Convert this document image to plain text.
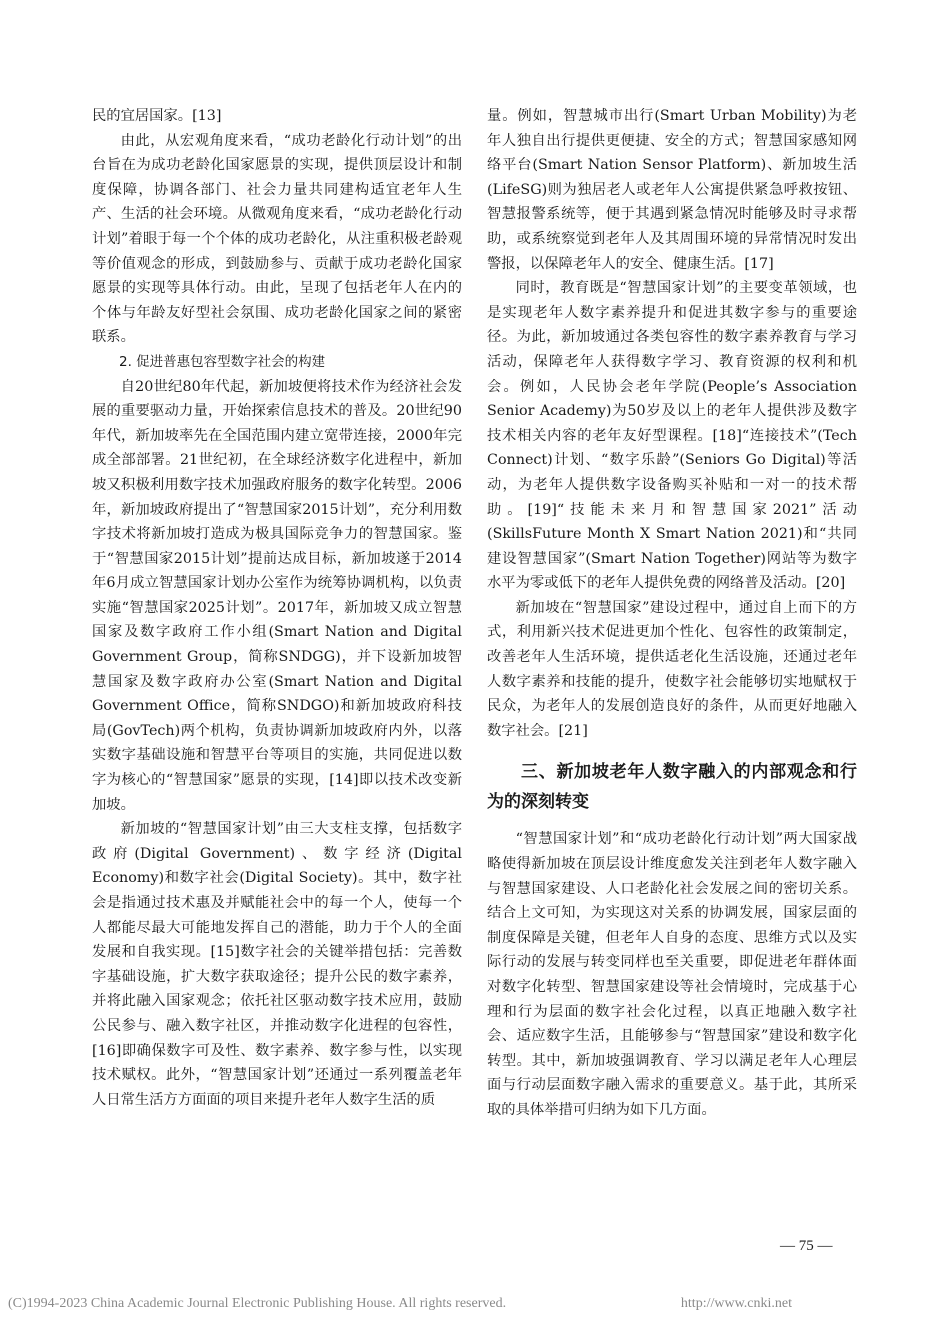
民的宜居国家。[13]

由此，从宏观角度来看，“成功老龄化行动计划”的出台旨在为成功老龄化国家愿景的实现，提供顶层设计和制度保障，协调各部门、社会力量共同建构适宜老年人生产、生活的社会环境。从微观角度来看，“成功老龄化行动计划”着眼于每一个个体的成功老龄化，从注重积极老龄观等价值观念的形成，到鼓励参与、贡献于成功老龄化国家愿景的实现等具体行动。由此，呈现了包括老年人在内的个体与年龄友好型社会氛围、成功老龄化国家之间的紧密联系。

2. 促进普惠包容型数字社会的构建

自20世纪80年代起，新加坡便将技术作为经济社会发展的重要驱动力量，开始探索信息技术的普及。20世纪90年代，新加坡率先在全国范围内建立宽带连接，2000年完成全部部署。21世纪初，在全球经济数字化进程中，新加坡又积极利用数字技术加强政府服务的数字化转型。2006年，新加坡政府提出了“智慧国家2015计划”，充分利用数字技术将新加坡打造成为极具国际竞争力的智慧国家。鉴于“智慧国家2015计划”提前达成目标，新加坡遂于2014年6月成立智慧国家计划办公室作为统筹协调机构，以负责实施“智慧国家2025计划”。2017年，新加坡又成立智慧国家及数字政府工作小组(Smart Nation and Digital Government Group，简称SNDGG)，并下设新加坡智慧国家及数字政府办公室(Smart Nation and Digital Government Office，简称SNDGO)和新加坡政府科技局(GovTech)两个机构，负责协调新加坡政府内外，以落实数字基础设施和智慧平台等项目的实施，共同促进以数字为核心的“智慧国家”愿景的实现，[14]即以技术改变新加坡。

新加坡的“智慧国家计划”由三大支柱支撑，包括数字政府(Digital Government)、数字经济(Digital Economy)和数字社会(Digital Society)。其中，数字社会是指通过技术惠及并赋能社会中的每一个人，使每一个人都能尽最大可能地发挥自己的潜能，助力于个人的全面发展和自我实现。[15]数字社会的关键举措包括：完善数字基础设施，扩大数字获取途径；提升公民的数字素养，并将此融入国家观念；依托社区驱动数字技术应用，鼓励公民参与、融入数字社区，并推动数字化进程的包容性，[16]即确保数字可及性、数字素养、数字参与性，以实现技术赋权。此外，“智慧国家计划”还通过一系列覆盖老年人日常生活方方面面的项目来提升老年人数字生活的质

量。例如，智慧城市出行(Smart Urban Mobility)为老年人独自出行提供更便捷、安全的方式；智慧国家感知网络平台(Smart Nation Sensor Platform)、新加坡生活(LifeSG)则为独居老人或老年人公寓提供紧急呼救按钮、智慧报警系统等，便于其遇到紧急情况时能够及时寻求帮助，或系统察觉到老年人及其周围环境的异常情况时发出警报，以保障老年人的安全、健康生活。[17]

同时，教育既是“智慧国家计划”的主要变革领域，也是实现老年人数字素养提升和促进其数字参与的重要途径。为此，新加坡通过各类包容性的数字素养教育与学习活动，保障老年人获得数字学习、教育资源的权利和机会。例如，人民协会老年学院(People’s Association Senior Academy)为50岁及以上的老年人提供涉及数字技术相关内容的老年友好型课程。[18]“连接技术”(Tech Connect)计划、“数字乐龄”(Seniors Go Digital)等活动，为老年人提供数字设备购买补贴和一对一的技术帮助。[19]“技能未来月和智慧国家2021”活动(SkillsFuture Month X Smart Nation 2021)和“共同建设智慧国家”(Smart Nation Together)网站等为数字水平为零或低下的老年人提供免费的网络普及活动。[20]

新加坡在“智慧国家”建设过程中，通过自上而下的方式，利用新兴技术促进更加个性化、包容性的政策制定，改善老年人生活环境，提供适老化生活设施，还通过老年人数字素养和技能的提升，使数字社会能够切实地赋权于民众，为老年人的发展创造良好的条件，从而更好地融入数字社会。[21]

三、新加坡老年人数字融入的内部观念和行为的深刻转变

“智慧国家计划”和“成功老龄化行动计划”两大国家战略使得新加坡在顶层设计维度愈发关注到老年人数字融入与智慧国家建设、人口老龄化社会发展之间的密切关系。结合上文可知，为实现这对关系的协调发展，国家层面的制度保障是关键，但老年人自身的态度、思维方式以及实际行动的发展与转变同样也至关重要，即促进老年群体面对数字化转型、智慧国家建设等社会情境时，完成基于心理和行为层面的数字社会化过程，以真正地融入数字社会、适应数字生活，且能够参与“智慧国家”建设和数字化转型。其中，新加坡强调教育、学习以满足老年人心理层面与行动层面数字融入需求的重要意义。基于此，其所采取的具体举措可归纳为如下几方面。

— 75 —
(C)1994-2023 China Academic Journal Electronic Publishing House. All rights reserved.	http://www.cnki.net
